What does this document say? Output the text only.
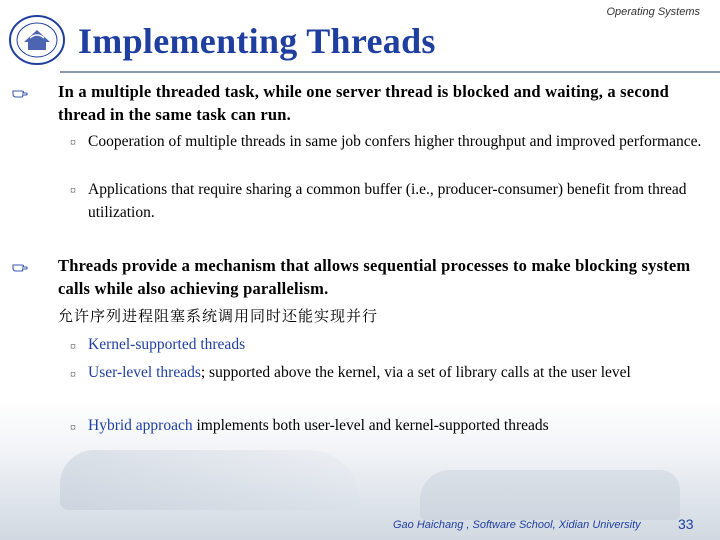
Implementing Threads
Operating Systems
In a multiple threaded task, while one server thread is blocked and waiting, a second thread in the same task can run.
¤ Cooperation of multiple threads in same job confers higher throughput and improved performance.
¤ Applications that require sharing a common buffer (i.e., producer-consumer) benefit from thread utilization.
Threads provide a mechanism that allows sequential processes to make blocking system calls while also achieving parallelism.
允许序列进程阻塞系统调用同时还能实现并行
¤ Kernel-supported threads
¤ User-level threads; supported above the kernel, via a set of library calls at the user level
¤ Hybrid approach implements both user-level and kernel-supported threads
Gao Haichang , Software School, Xidian University	33
